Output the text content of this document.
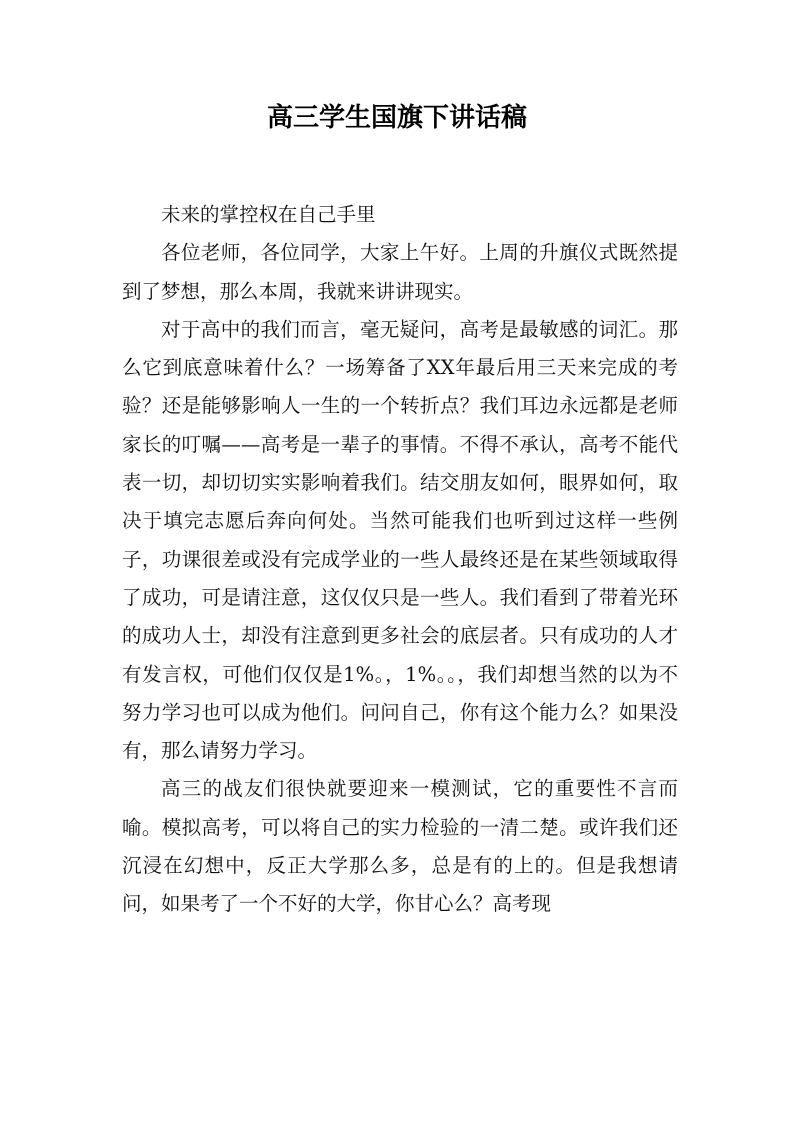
高三学生国旗下讲话稿

未来的掌控权在自己手里

各位老师，各位同学，大家上午好。上周的升旗仪式既然提到了梦想，那么本周，我就来讲讲现实。

对于高中的我们而言，毫无疑问，高考是最敏感的词汇。那么它到底意味着什么？一场筹备了XX年最后用三天来完成的考验？还是能够影响人一生的一个转折点？我们耳边永远都是老师家长的叮嘱——高考是一辈子的事情。不得不承认，高考不能代表一切，却切切实实影响着我们。结交朋友如何，眼界如何，取决于填完志愿后奔向何处。当然可能我们也听到过这样一些例子，功课很差或没有完成学业的一些人最终还是在某些领域取得了成功，可是请注意，这仅仅只是一些人。我们看到了带着光环的成功人士，却没有注意到更多社会的底层者。只有成功的人才有发言权，可他们仅仅是1%。，1%。。，我们却想当然的以为不努力学习也可以成为他们。问问自己，你有这个能力么？如果没有，那么请努力学习。

高三的战友们很快就要迎来一模测试，它的重要性不言而喻。模拟高考，可以将自己的实力检验的一清二楚。或许我们还沉浸在幻想中，反正大学那么多，总是有的上的。但是我想请问，如果考了一个不好的大学，你甘心么？高考现
